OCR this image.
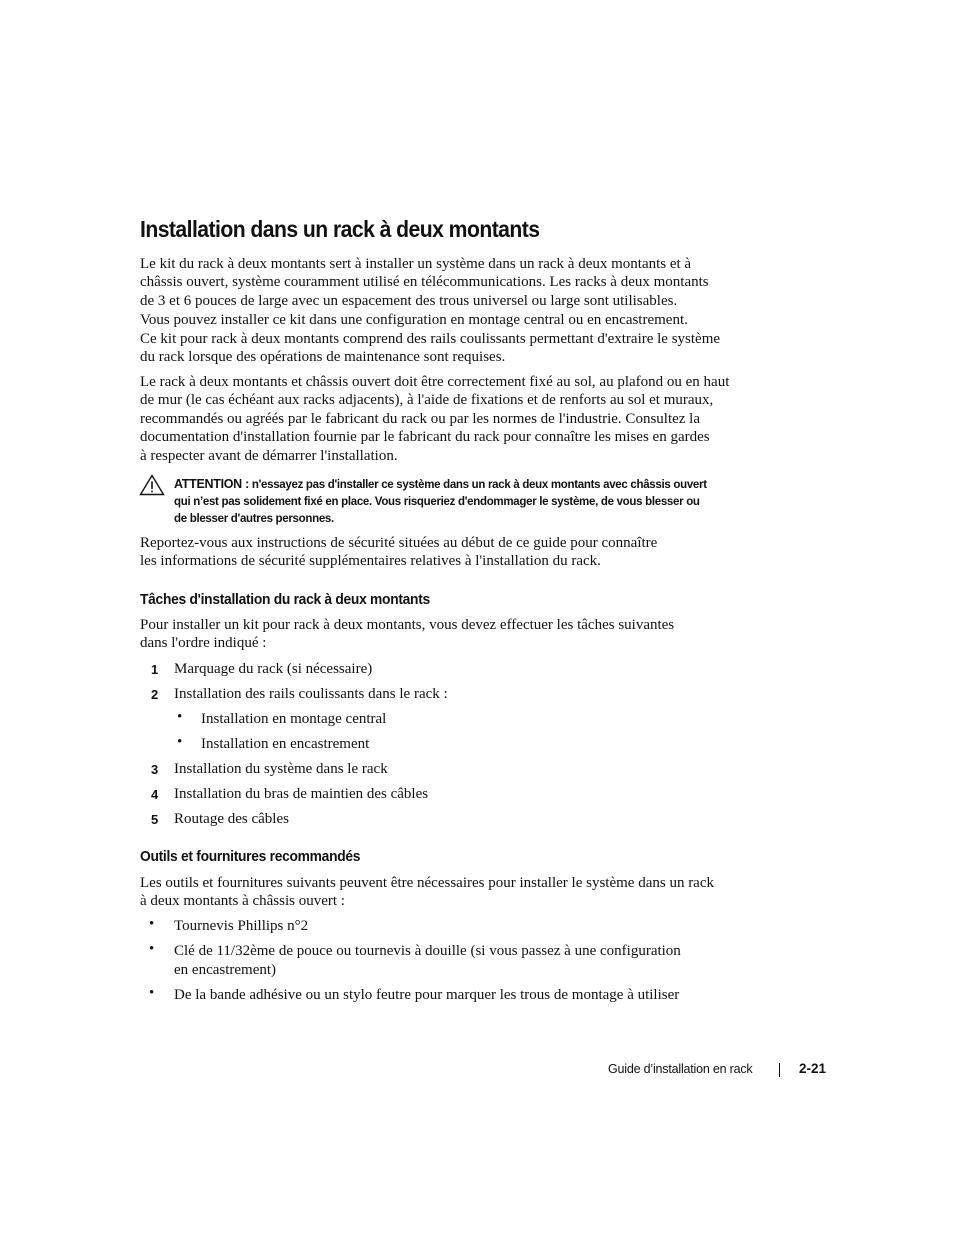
Installation dans un rack à deux montants

Le kit du rack à deux montants sert à installer un système dans un rack à deux montants et à
châssis ouvert, système couramment utilisé en télécommunications. Les racks à deux montants
de 3 et 6 pouces de large avec un espacement des trous universel ou large sont utilisables.
Vous pouvez installer ce kit dans une configuration en montage central ou en encastrement.
Ce kit pour rack à deux montants comprend des rails coulissants permettant d'extraire le système
du rack lorsque des opérations de maintenance sont requises.

Le rack à deux montants et châssis ouvert doit être correctement fixé au sol, au plafond ou en haut
de mur (le cas échéant aux racks adjacents), à l'aide de fixations et de renforts au sol et muraux,
recommandés ou agréés par le fabricant du rack ou par les normes de l'industrie. Consultez la
documentation d'installation fournie par le fabricant du rack pour connaître les mises en gardes
à respecter avant de démarrer l'installation.

ATTENTION : n'essayez pas d'installer ce système dans un rack à deux montants avec châssis ouvert
qui n’est pas solidement fixé en place. Vous risqueriez d'endommager le système, de vous blesser ou
de blesser d'autres personnes.

Reportez-vous aux instructions de sécurité situées au début de ce guide pour connaître
les informations de sécurité supplémentaires relatives à l'installation du rack.

Tâches d'installation du rack à deux montants

Pour installer un kit pour rack à deux montants, vous devez effectuer les tâches suivantes
dans l'ordre indiqué :

1 Marquage du rack (si nécessaire)
2 Installation des rails coulissants dans le rack :
• Installation en montage central
• Installation en encastrement
3 Installation du système dans le rack
4 Installation du bras de maintien des câbles
5 Routage des câbles
Outils et fournitures recommandés

Les outils et fournitures suivants peuvent être nécessaires pour installer le système dans un rack
à deux montants à châssis ouvert :

• Tournevis Phillips n°2
• Clé de 11/32ème de pouce ou tournevis à douille (si vous passez à une configuration
en encastrement)
• De la bande adhésive ou un stylo feutre pour marquer les trous de montage à utiliser
Guide d’installation en rack	2-21
